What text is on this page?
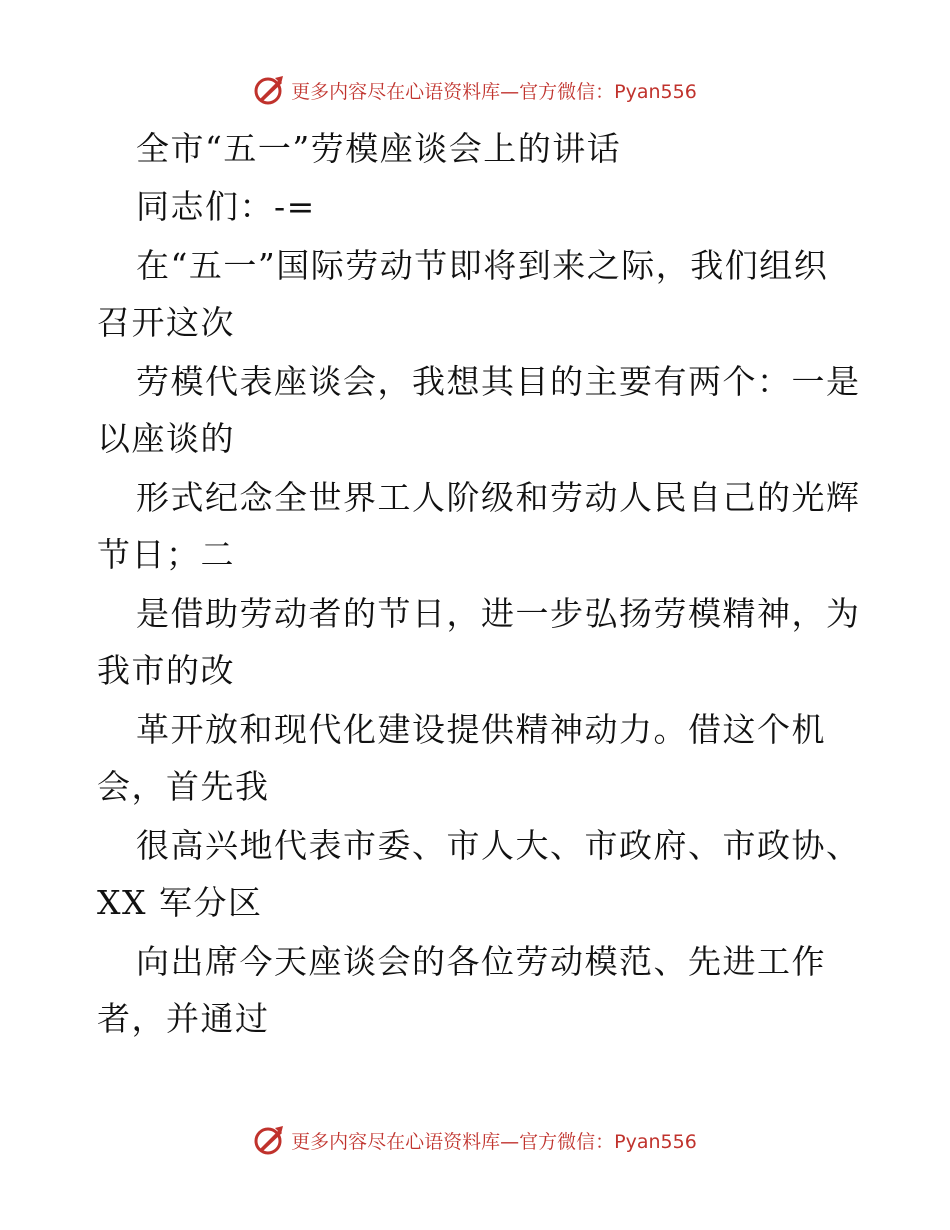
更多内容尽在心语资料库—官方微信：Pyan556
全市“五一”劳模座谈会上的讲话
同志们：-=
在“五一”国际劳动节即将到来之际，我们组织
召开这次
劳模代表座谈会，我想其目的主要有两个：一是
以座谈的
形式纪念全世界工人阶级和劳动人民自己的光辉
节日；二
是借助劳动者的节日，进一步弘扬劳模精神，为
我市的改
革开放和现代化建设提供精神动力。借这个机
会，首先我
很高兴地代表市委、市人大、市政府、市政协、
XX 军分区
向出席今天座谈会的各位劳动模范、先进工作
者，并通过
更多内容尽在心语资料库—官方微信：Pyan556
